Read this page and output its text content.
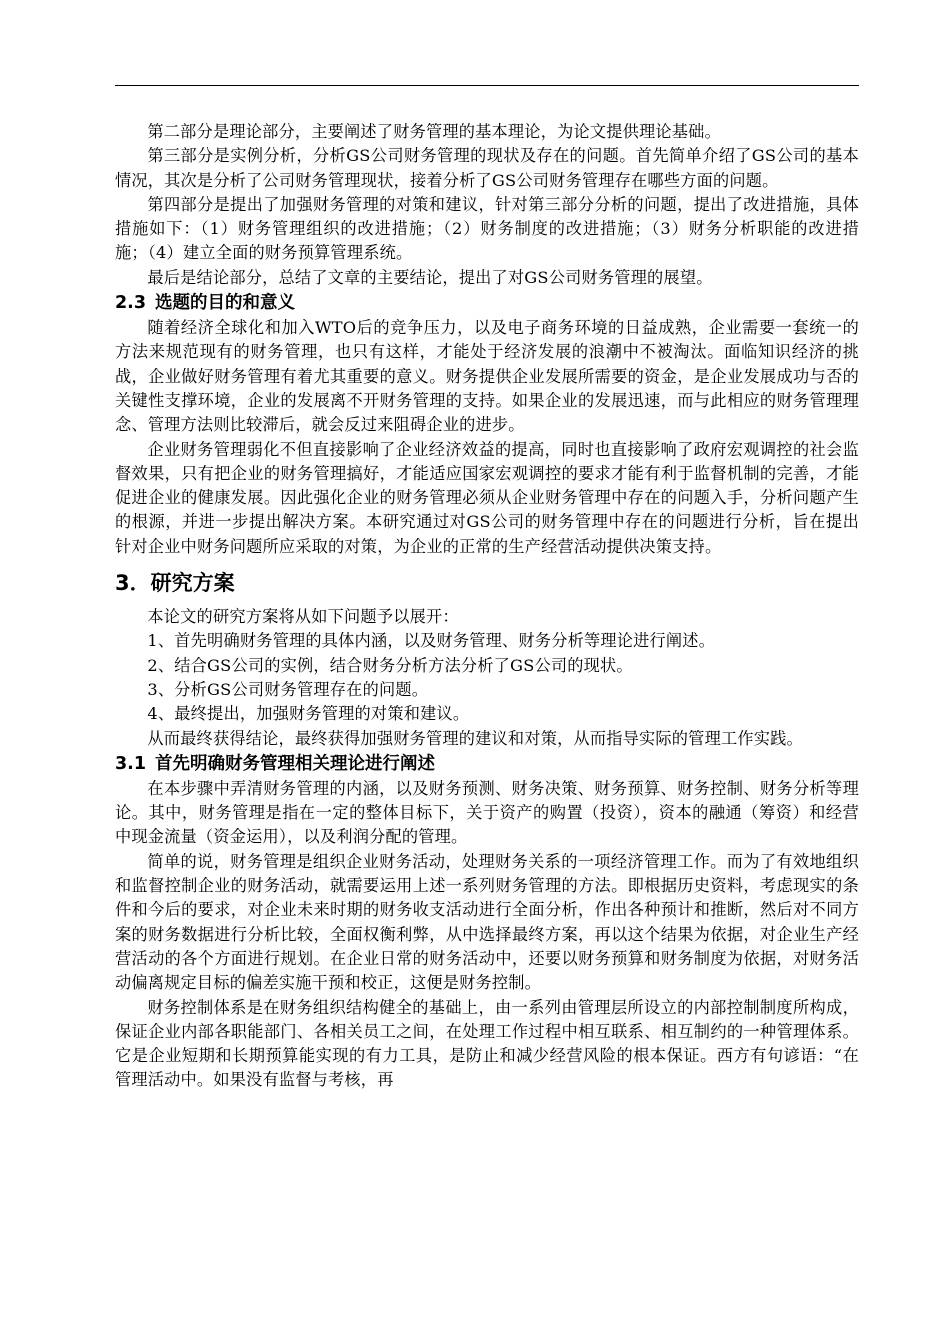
第二部分是理论部分，主要阐述了财务管理的基本理论，为论文提供理论基础。

第三部分是实例分析，分析GS公司财务管理的现状及存在的问题。首先简单介绍了GS公司的基本情况，其次是分析了公司财务管理现状，接着分析了GS公司财务管理存在哪些方面的问题。

第四部分是提出了加强财务管理的对策和建议，针对第三部分分析的问题，提出了改进措施，具体措施如下：（1）财务管理组织的改进措施；（2）财务制度的改进措施；（3）财务分析职能的改进措施；（4）建立全面的财务预算管理系统。

最后是结论部分，总结了文章的主要结论，提出了对GS公司财务管理的展望。

2.3 选题的目的和意义

随着经济全球化和加入WTO后的竞争压力，以及电子商务环境的日益成熟，企业需要一套统一的方法来规范现有的财务管理，也只有这样，才能处于经济发展的浪潮中不被淘汰。面临知识经济的挑战，企业做好财务管理有着尤其重要的意义。财务提供企业发展所需要的资金，是企业发展成功与否的关键性支撑环境，企业的发展离不开财务管理的支持。如果企业的发展迅速，而与此相应的财务管理理念、管理方法则比较滞后，就会反过来阻碍企业的进步。

企业财务管理弱化不但直接影响了企业经济效益的提高，同时也直接影响了政府宏观调控的社会监督效果，只有把企业的财务管理搞好，才能适应国家宏观调控的要求才能有利于监督机制的完善，才能促进企业的健康发展。因此强化企业的财务管理必须从企业财务管理中存在的问题入手，分析问题产生的根源，并进一步提出解决方案。本研究通过对GS公司的财务管理中存在的问题进行分析，旨在提出针对企业中财务问题所应采取的对策，为企业的正常的生产经营活动提供决策支持。

3．研究方案

本论文的研究方案将从如下问题予以展开：

1、首先明确财务管理的具体内涵，以及财务管理、财务分析等理论进行阐述。

2、结合GS公司的实例，结合财务分析方法分析了GS公司的现状。

3、分析GS公司财务管理存在的问题。

4、最终提出，加强财务管理的对策和建议。

从而最终获得结论，最终获得加强财务管理的建议和对策，从而指导实际的管理工作实践。

3.1 首先明确财务管理相关理论进行阐述

在本步骤中弄清财务管理的内涵，以及财务预测、财务决策、财务预算、财务控制、财务分析等理论。其中，财务管理是指在一定的整体目标下，关于资产的购置（投资），资本的融通（筹资）和经营中现金流量（资金运用），以及利润分配的管理。

简单的说，财务管理是组织企业财务活动，处理财务关系的一项经济管理工作。而为了有效地组织和监督控制企业的财务活动，就需要运用上述一系列财务管理的方法。即根据历史资料，考虑现实的条件和今后的要求，对企业未来时期的财务收支活动进行全面分析，作出各种预计和推断，然后对不同方案的财务数据进行分析比较，全面权衡利弊，从中选择最终方案，再以这个结果为依据，对企业生产经营活动的各个方面进行规划。在企业日常的财务活动中，还要以财务预算和财务制度为依据，对财务活动偏离规定目标的偏差实施干预和校正，这便是财务控制。

财务控制体系是在财务组织结构健全的基础上，由一系列由管理层所设立的内部控制制度所构成，保证企业内部各职能部门、各相关员工之间，在处理工作过程中相互联系、相互制约的一种管理体系。它是企业短期和长期预算能实现的有力工具，是防止和减少经营风险的根本保证。西方有句谚语：“在管理活动中。如果没有监督与考核，再
